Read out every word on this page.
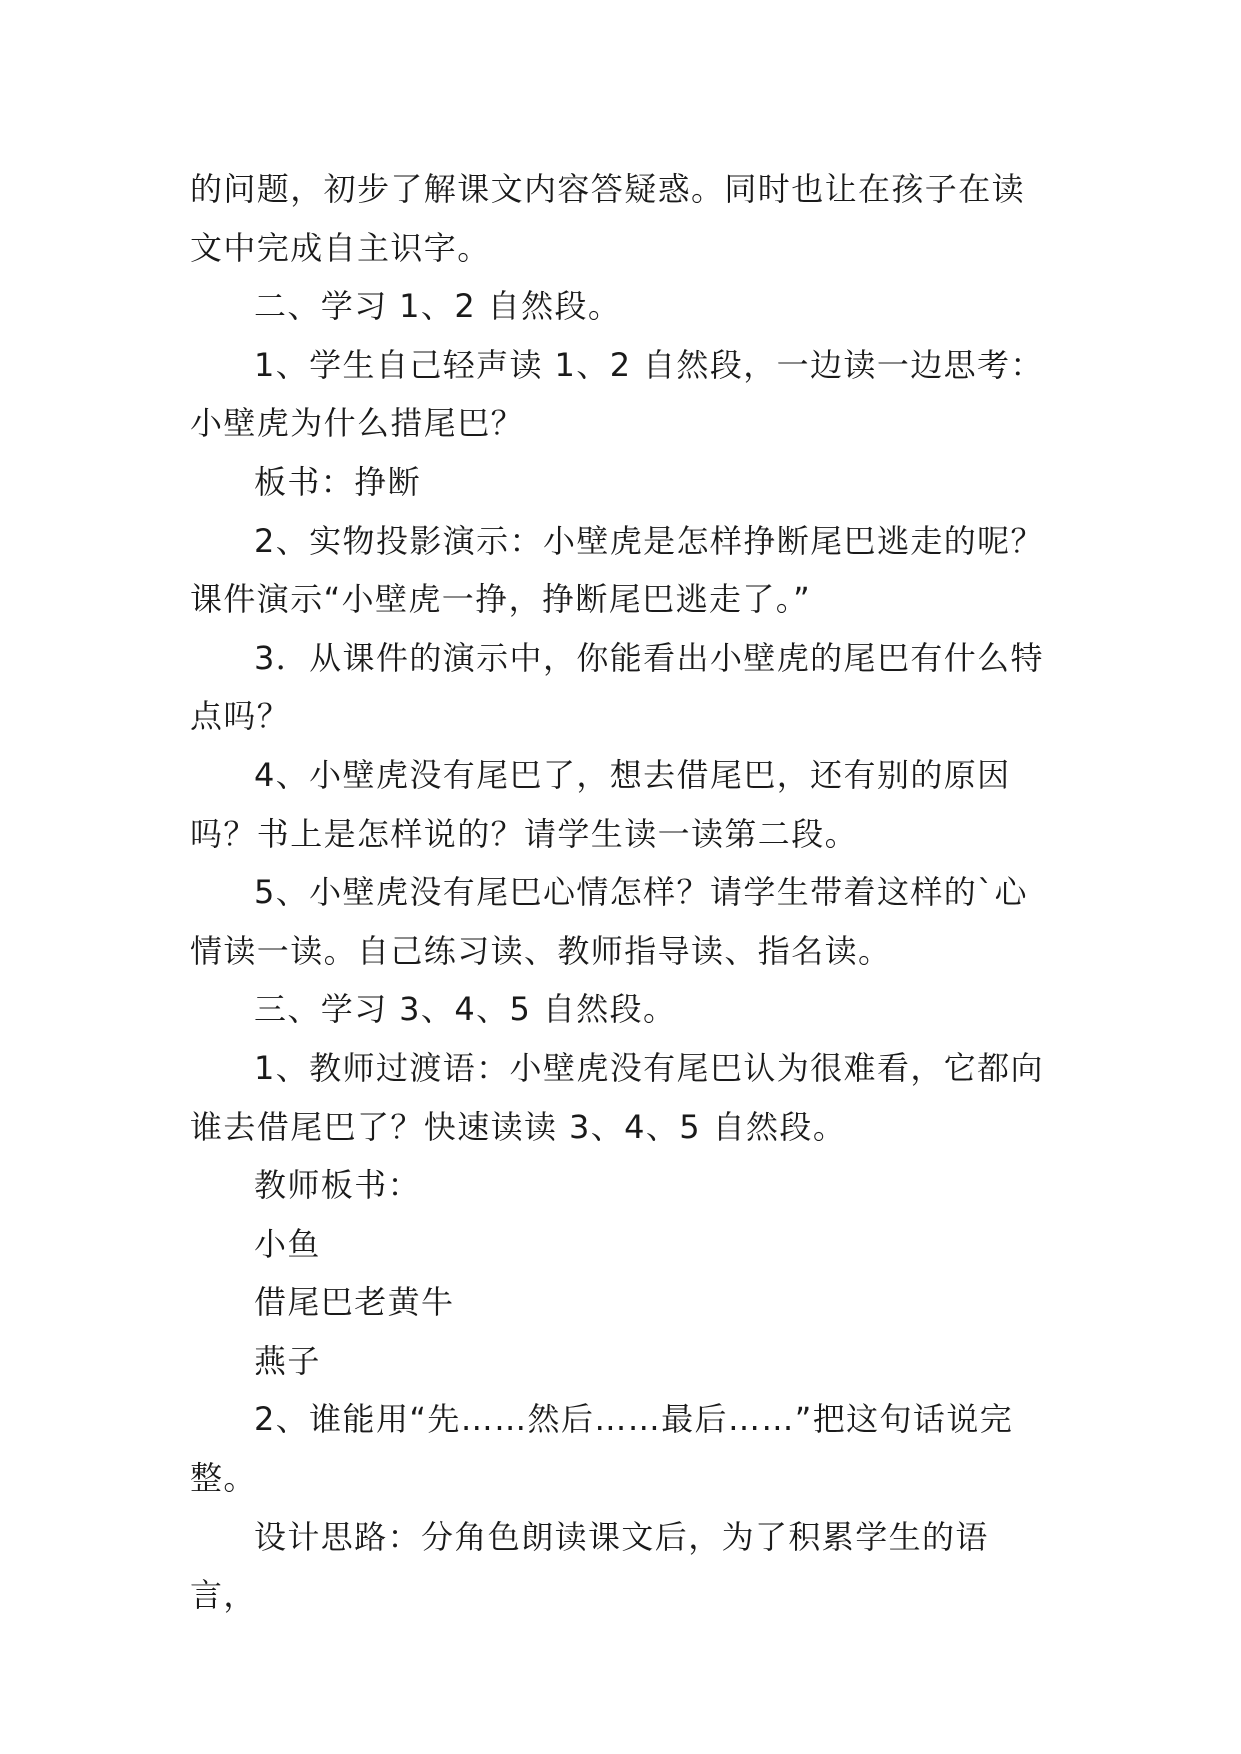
的问题，初步了解课文内容答疑惑。同时也让在孩子在读文中完成自主识字。

二、学习 1、2 自然段。

1、学生自己轻声读 1、2 自然段，一边读一边思考：小壁虎为什么措尾巴？

板书：挣断

2、实物投影演示：小壁虎是怎样挣断尾巴逃走的呢？课件演示“小壁虎一挣，挣断尾巴逃走了。”

3．从课件的演示中，你能看出小壁虎的尾巴有什么特点吗？

4、小壁虎没有尾巴了，想去借尾巴，还有别的原因吗？书上是怎样说的？请学生读一读第二段。

5、小壁虎没有尾巴心情怎样？请学生带着这样的`心情读一读。自己练习读、教师指导读、指名读。

三、学习 3、4、5 自然段。

1、教师过渡语：小壁虎没有尾巴认为很难看，它都向谁去借尾巴了？快速读读 3、4、5 自然段。

教师板书：

小鱼

借尾巴老黄牛

燕子

2、谁能用“先……然后……最后……”把这句话说完整。

设计思路：分角色朗读课文后，为了积累学生的语言，
